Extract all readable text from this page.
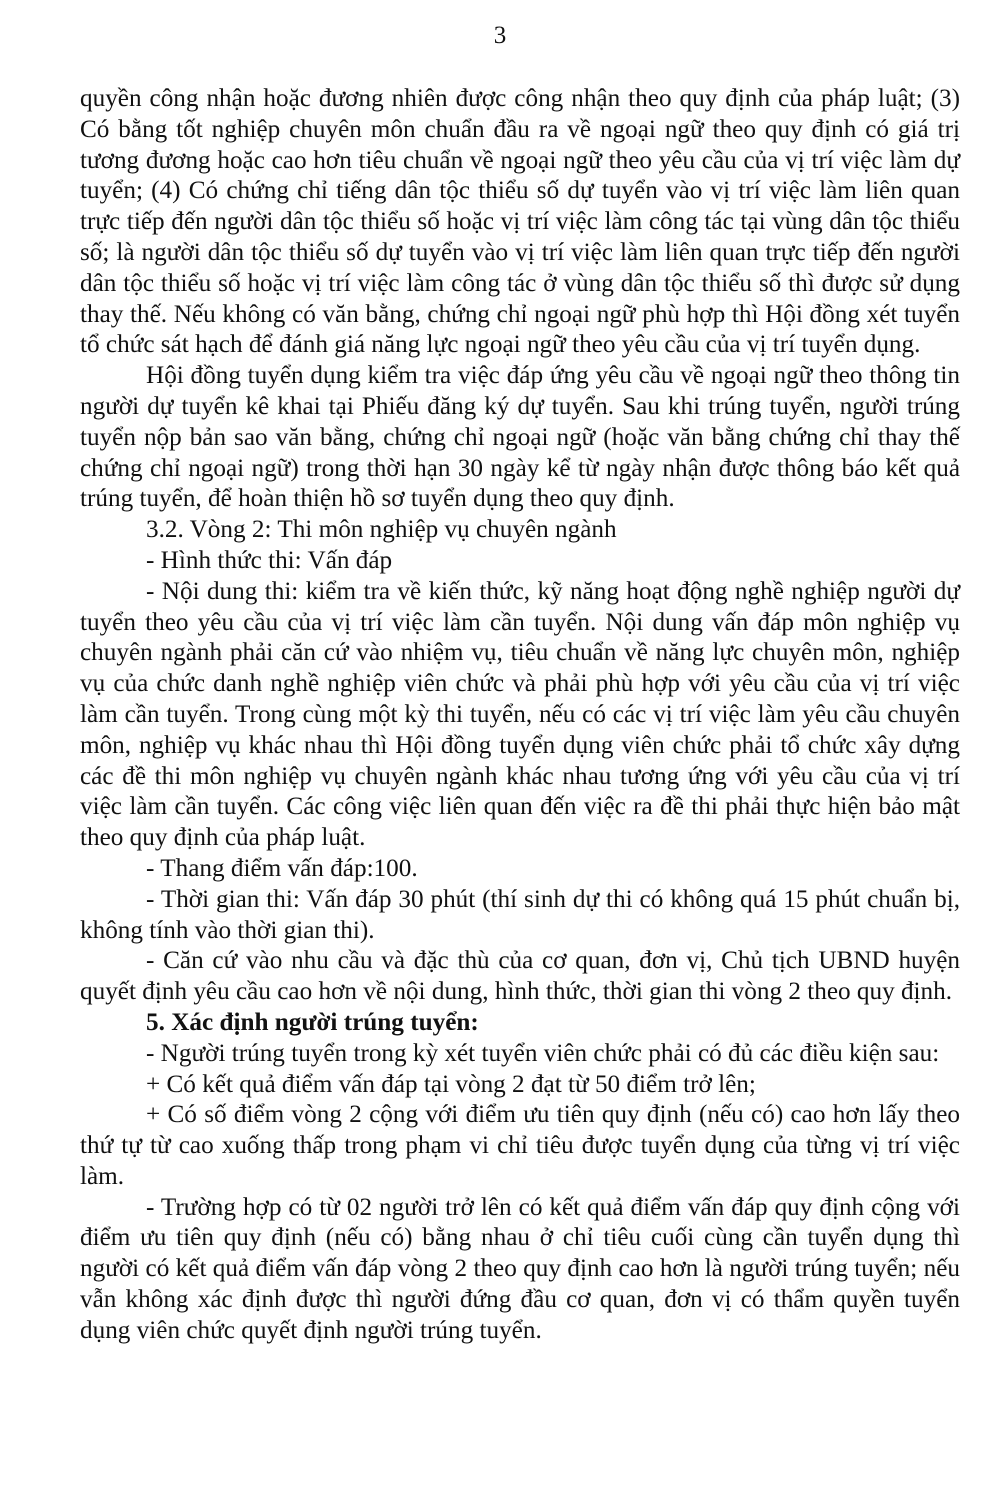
3

quyền công nhận hoặc đương nhiên được công nhận theo quy định của pháp luật; (3) Có bằng tốt nghiệp chuyên môn chuẩn đầu ra về ngoại ngữ theo quy định có giá trị tương đương hoặc cao hơn tiêu chuẩn về ngoại ngữ theo yêu cầu của vị trí việc làm dự tuyển; (4) Có chứng chỉ tiếng dân tộc thiểu số dự tuyển vào vị trí việc làm liên quan trực tiếp đến người dân tộc thiểu số hoặc vị trí việc làm công tác tại vùng dân tộc thiểu số; là người dân tộc thiểu số dự tuyển vào vị trí việc làm liên quan trực tiếp đến người dân tộc thiểu số hoặc vị trí việc làm công tác ở vùng dân tộc thiểu số thì được sử dụng thay thế. Nếu không có văn bằng, chứng chỉ ngoại ngữ phù hợp thì Hội đồng xét tuyển tổ chức sát hạch để đánh giá năng lực ngoại ngữ theo yêu cầu của vị trí tuyển dụng.

Hội đồng tuyển dụng kiểm tra việc đáp ứng yêu cầu về ngoại ngữ theo thông tin người dự tuyển kê khai tại Phiếu đăng ký dự tuyển. Sau khi trúng tuyển, người trúng tuyển nộp bản sao văn bằng, chứng chỉ ngoại ngữ (hoặc văn bằng chứng chỉ thay thế chứng chỉ ngoại ngữ) trong thời hạn 30 ngày kể từ ngày nhận được thông báo kết quả trúng tuyển, để hoàn thiện hồ sơ tuyển dụng theo quy định.

3.2. Vòng 2: Thi môn nghiệp vụ chuyên ngành

- Hình thức thi: Vấn đáp

- Nội dung thi: kiểm tra về kiến thức, kỹ năng hoạt động nghề nghiệp người dự tuyển theo yêu cầu của vị trí việc làm cần tuyển. Nội dung vấn đáp môn nghiệp vụ chuyên ngành phải căn cứ vào nhiệm vụ, tiêu chuẩn về năng lực chuyên môn, nghiệp vụ của chức danh nghề nghiệp viên chức và phải phù hợp với yêu cầu của vị trí việc làm cần tuyển. Trong cùng một kỳ thi tuyển, nếu có các vị trí việc làm yêu cầu chuyên môn, nghiệp vụ khác nhau thì Hội đồng tuyển dụng viên chức phải tổ chức xây dựng các đề thi môn nghiệp vụ chuyên ngành khác nhau tương ứng với yêu cầu của vị trí việc làm cần tuyển. Các công việc liên quan đến việc ra đề thi phải thực hiện bảo mật theo quy định của pháp luật.

- Thang điểm vấn đáp:100.

- Thời gian thi: Vấn đáp 30 phút (thí sinh dự thi có không quá 15 phút chuẩn bị, không tính vào thời gian thi).

- Căn cứ vào nhu cầu và đặc thù của cơ quan, đơn vị, Chủ tịch UBND huyện quyết định yêu cầu cao hơn về nội dung, hình thức, thời gian thi vòng 2 theo quy định.

5. Xác định người trúng tuyển:

- Người trúng tuyển trong kỳ xét tuyển viên chức phải có đủ các điều kiện sau:

+ Có kết quả điểm vấn đáp tại vòng 2 đạt từ 50 điểm trở lên;

+ Có số điểm vòng 2 cộng với điểm ưu tiên quy định (nếu có) cao hơn lấy theo thứ tự từ cao xuống thấp trong phạm vi chỉ tiêu được tuyển dụng của từng vị trí việc làm.

- Trường hợp có từ 02 người trở lên có kết quả điểm vấn đáp quy định cộng với điểm ưu tiên quy định (nếu có) bằng nhau ở chỉ tiêu cuối cùng cần tuyển dụng thì người có kết quả điểm vấn đáp vòng 2 theo quy định cao hơn là người trúng tuyển; nếu vẫn không xác định được thì người đứng đầu cơ quan, đơn vị có thẩm quyền tuyển dụng viên chức quyết định người trúng tuyển.
